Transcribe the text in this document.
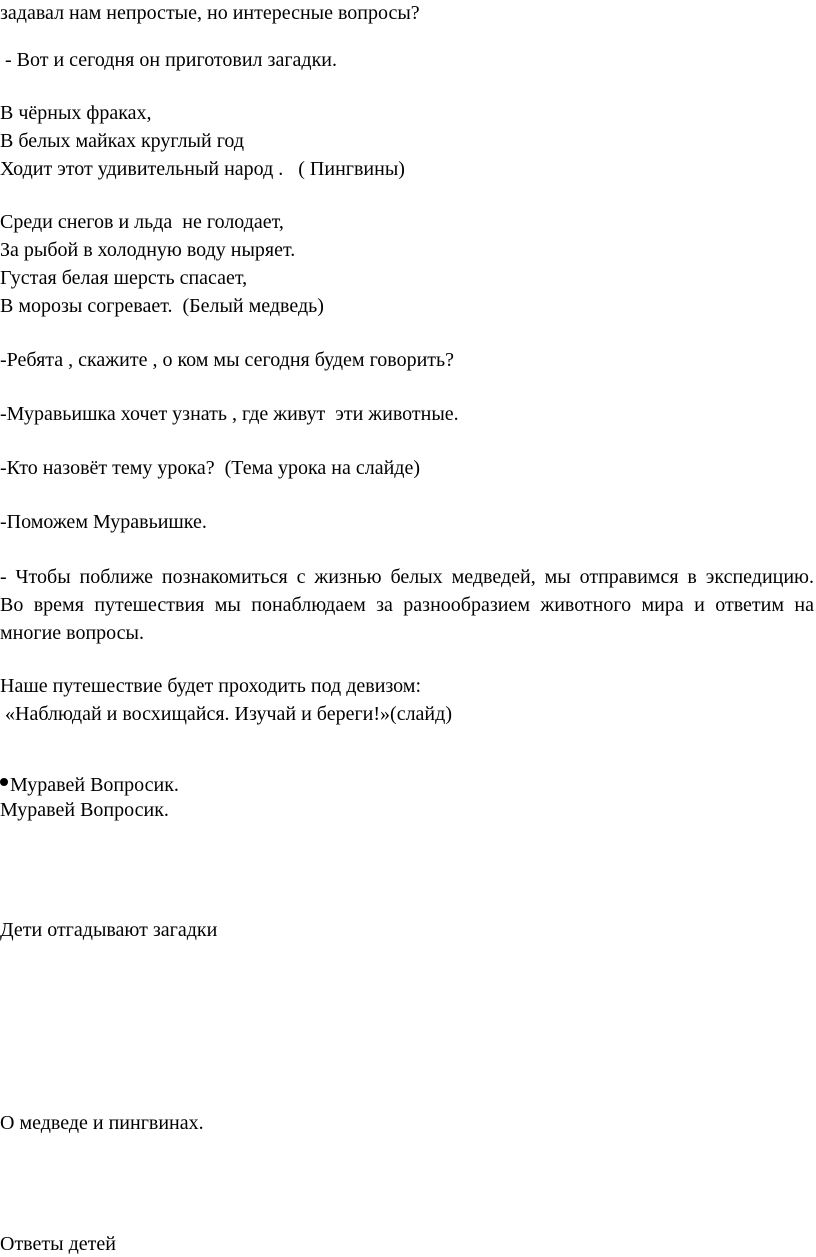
задавал нам непростые, но интересные вопросы?

- Вот и сегодня он приготовил загадки.

В чёрных фраках,

В белых майках круглый год

Ходит этот удивительный народ .   ( Пингвины)

Среди снегов и льда  не голодает,

За рыбой в холодную воду ныряет.

Густая белая шерсть спасает,

В морозы согревает.  (Белый медведь)

-Ребята , скажите , о ком мы сегодня будем говорить?

-Муравьишка хочет узнать , где живут  эти животные.

-Кто назовёт тему урока?  (Тема урока на слайде)

-Поможем Муравьишке.

- Чтобы поближе познакомиться с жизнью белых медведей, мы отправимся в экспедицию.
Во время путешествия мы понаблюдаем за разнообразием животного мира и ответим на

многие вопросы.

Наше путешествие будет проходить под девизом:

«Наблюдай и восхищайся. Изучай и береги!»(слайд)

Муравей Вопросик.

Муравей Вопросик.

Дети отгадывают загадки

О медведе и пингвинах.

Ответы детей
